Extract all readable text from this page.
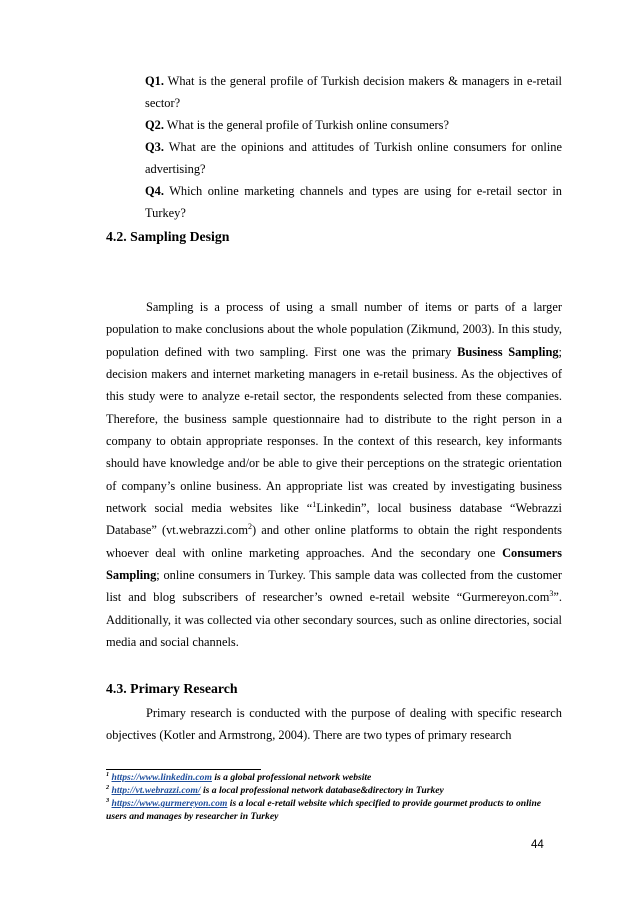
Q1. What is the general profile of Turkish decision makers & managers in e-retail sector?
Q2. What is the general profile of Turkish online consumers?
Q3. What are the opinions and attitudes of Turkish online consumers for online advertising?
Q4. Which online marketing channels and types are using for e-retail sector in Turkey?
4.2. Sampling Design

Sampling is a process of using a small number of items or parts of a larger population to make conclusions about the whole population (Zikmund, 2003). In this study, population defined with two sampling. First one was the primary Business Sampling; decision makers and internet marketing managers in e-retail business. As the objectives of this study were to analyze e-retail sector, the respondents selected from these companies. Therefore, the business sample questionnaire had to distribute to the right person in a company to obtain appropriate responses. In the context of this research, key informants should have knowledge and/or be able to give their perceptions on the strategic orientation of company’s online business. An appropriate list was created by investigating business network social media websites like “$^1$Linkedin”, local business database “Webrazzi Database” (vt.webrazzi.com$^2$) and other online platforms to obtain the right respondents whoever deal with online marketing approaches. And the secondary one Consumers Sampling; online consumers in Turkey. This sample data was collected from the customer list and blog subscribers of researcher’s owned e-retail website “Gurmereyon.com$^3$”. Additionally, it was collected via other secondary sources, such as online directories, social media and social channels.

4.3. Primary Research

Primary research is conducted with the purpose of dealing with specific research objectives (Kotler and Armstrong, 2004). There are two types of primary research

$^1$ https://www.linkedin.com is a global professional network website
$^2$ http://vt.webrazzi.com/ is a local professional network database&directory in Turkey
$^3$ https://www.gurmereyon.com is a local e-retail website which specified to provide gourmet products to online users and manages by researcher in Turkey
44
